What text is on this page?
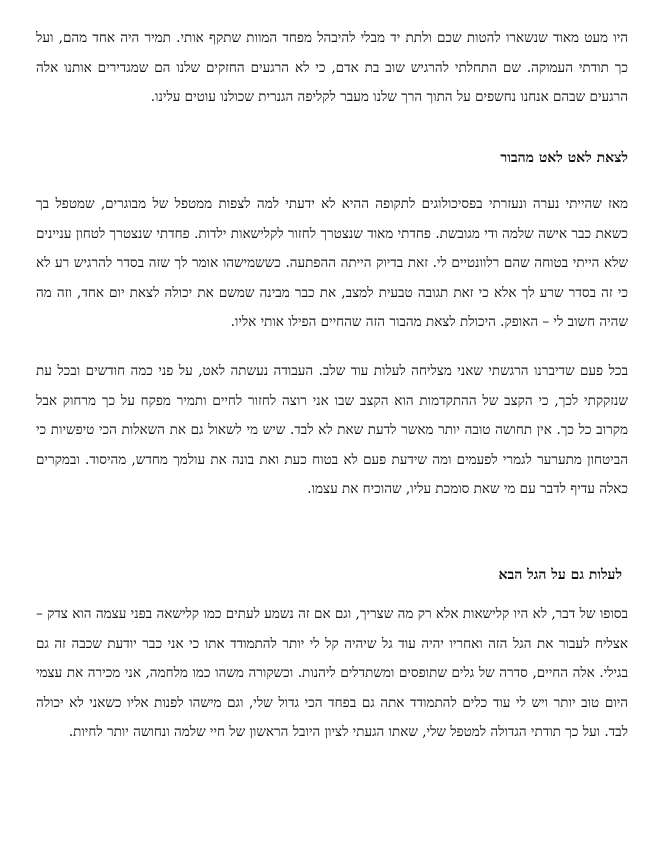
היו מעט מאוד שנשארו להטות שכם ולתת יד מבלי להיבהל מפחד המוות שתקף אותי. תמיר היה אחד מהם, ועל כך תודתי העמוקה. שם התחלתי להרגיש שוב בת אדם, כי לא הרגעים החזקים שלנו הם שמגדירים אותנו אלה הרגעים שבהם אנחנו נחשפים על התוך הרך שלנו מעבר לקליפה הגנרית שכולנו עוטים עלינו.

לצאת לאט לאט מהבור

מאז שהייתי נערה ונעזרתי בפסיכולוגים לתקופה ההיא לא ידעתי למה לצפות ממטפל של מבוגרים, שמטפל בך כשאת כבר אישה שלמה ודי מגובשת. פחדתי מאוד שנצטרך לחזור לקלישאות ילדות. פחדתי שנצטרך לטחון עניינים שלא הייתי בטוחה שהם רלוונטיים לי. זאת בדיוק הייתה ההפתעה. כששמישהו אומר לך שזה בסדר להרגיש רע לא כי זה בסדר שרע לך אלא כי זאת תגובה טבעית למצב, את כבר מבינה שמשם את יכולה לצאת יום אחד, וזה מה שהיה חשוב לי – האופק. היכולת לצאת מהבור הזה שהחיים הפילו אותי אליו.

בכל פעם שדיברנו הרגשתי שאני מצליחה לעלות עוד שלב. העבודה נעשתה לאט, על פני כמה חודשים ובכל עת שנזקקתי לכך, כי הקצב של ההתקדמות הוא הקצב שבו אני רוצה לחזור לחיים ותמיר מפקח על כך מרחוק אבל מקרוב כל כך. אין תחושה טובה יותר מאשר לדעת שאת לא לבד. שיש מי לשאול גם את השאלות הכי טיפשיות כי הביטחון מתערער לגמרי לפעמים ומה שידעת פעם לא בטוח כעת ואת בונה את עולמך מחדש, מהיסוד. ובמקרים כאלה עדיף לדבר עם מי שאת סומכת עליו, שהוכיח את עצמו.

לעלות גם על הגל הבא

בסופו של דבר, לא היו קלישאות אלא רק מה שצריך, וגם אם זה נשמע לעתים כמו קלישאה בפני עצמה הוא צדק – אצליח לעבור את הגל הזה ואחריו יהיה עוד גל שיהיה קל לי יותר להתמודד אתו כי אני כבר יודעת שכבה זה גם בגילי. אלה החיים, סדרה של גלים שתופסים ומשתדלים ליהנות. וכשקורה משהו כמו מלחמה, אני מכירה את עצמי היום טוב יותר ויש לי עוד כלים להתמודד אתה גם בפחד הכי גדול שלי, וגם מישהו לפנות אליו כשאני לא יכולה לבד. ועל כך תודתי הגדולה למטפל שלי, שאתו הגעתי לציון היובל הראשון של חיי שלמה ונחושה יותר לחיות.
